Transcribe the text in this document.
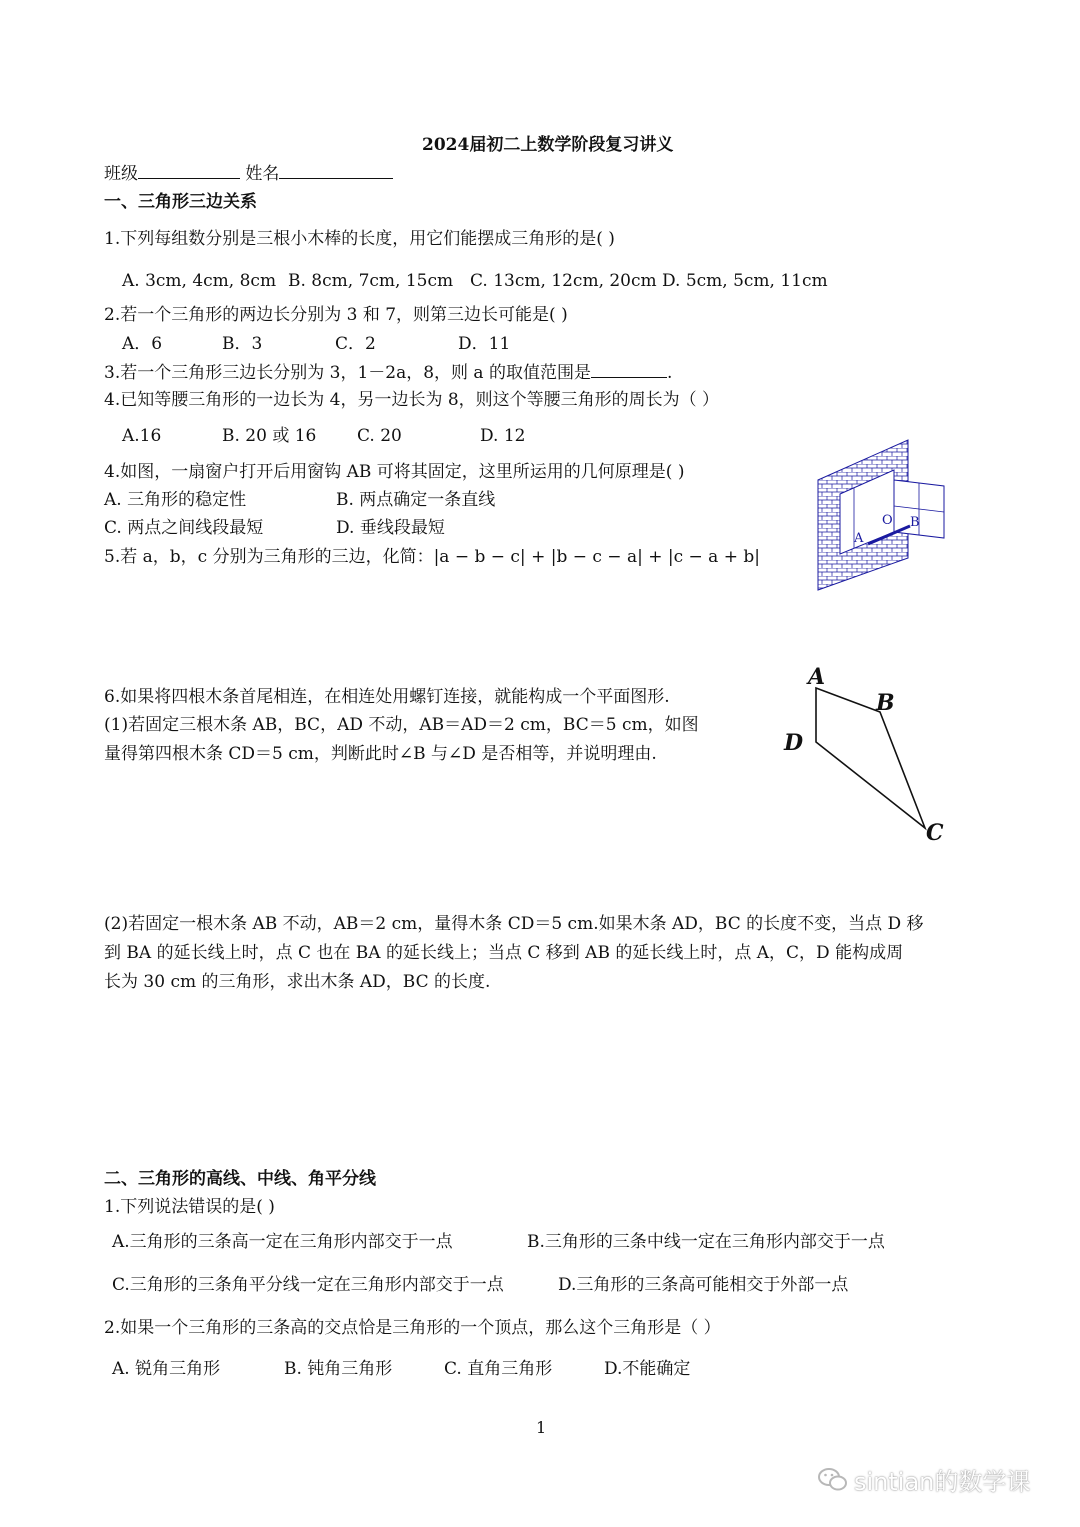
2024届初二上数学阶段复习讲义
班级	姓名
一、三角形三边关系
1.下列每组数分别是三根小木棒的长度，用它们能摆成三角形的是( )
A. 3cm, 4cm, 8cm B. 8cm, 7cm, 15cm C. 13cm, 12cm, 20cm D. 5cm, 5cm, 11cm
2.若一个三角形的两边长分别为 3 和 7，则第三边长可能是( )
A．6	B．3	C．2	D．11
3.若一个三角形三边长分别为 3，1－2a，8，则 a 的取值范围是	.
4.已知等腰三角形的一边长为 4，另一边长为 8，则这个等腰三角形的周长为（ ）
A.16	B. 20 或 16 C. 20	D. 12
4.如图，一扇窗户打开后用窗钩 AB 可将其固定，这里所运用的几何原理是( )
A. 三角形的稳定性	B. 两点确定一条直线
C. 两点之间线段最短	D. 垂线段最短
A
O B
5.若 a，b，c 分别为三角形的三边，化简：|a − b − c| + |b − c − a| + |c − a + b|
6.如果将四根木条首尾相连，在相连处用螺钉连接，就能构成一个平面图形.
(1)若固定三根木条 AB，BC，AD 不动，AB＝AD＝2 cm，BC＝5 cm，如图
量得第四根木条 CD＝5 cm，判断此时∠B 与∠D 是否相等，并说明理由.
A
B
D
C
(2)若固定一根木条 AB 不动，AB＝2 cm，量得木条 CD＝5 cm.如果木条 AD，BC 的长度不变，当点 D 移
到 BA 的延长线上时，点 C 也在 BA 的延长线上；当点 C 移到 AB 的延长线上时，点 A，C，D 能构成周
长为 30 cm 的三角形，求出木条 AD，BC 的长度.
二、三角形的高线、中线、角平分线
1.下列说法错误的是( )
A.三角形的三条高一定在三角形内部交于一点	B.三角形的三条中线一定在三角形内部交于一点
C.三角形的三条角平分线一定在三角形内部交于一点	D.三角形的三条高可能相交于外部一点
2.如果一个三角形的三条高的交点恰是三角形的一个顶点，那么这个三角形是（ ）
A. 锐角三角形	B. 钝角三角形	C. 直角三角形	D.不能确定
1
sintian的数学课
